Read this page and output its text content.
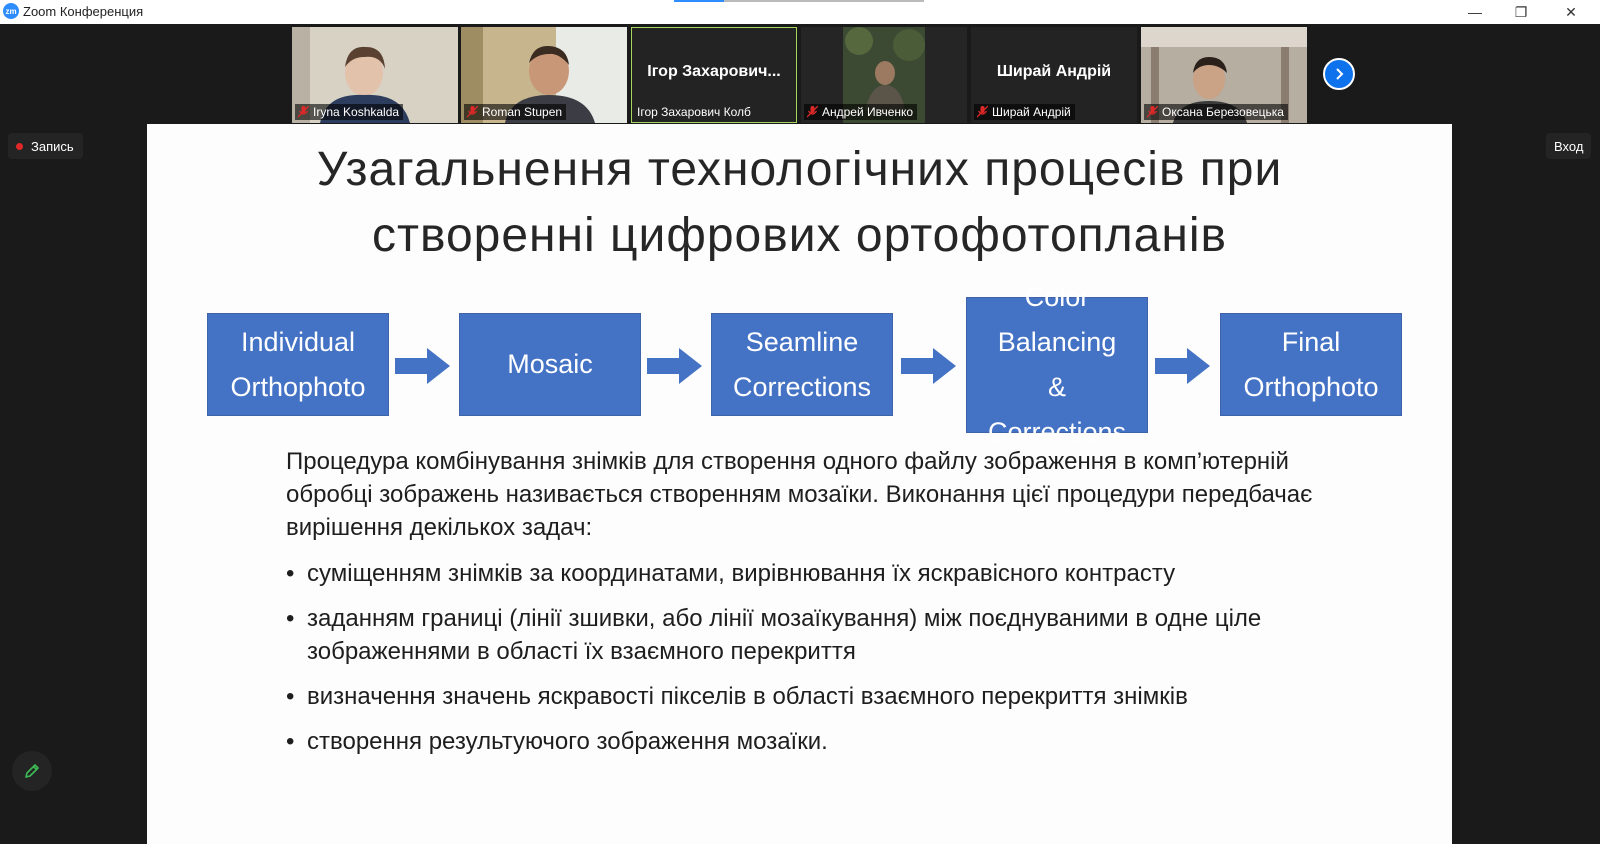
zm Zoom Конференция	— ❐	✕
Iryna Koshkalda	Roman Stupen
Ігор Захарович...
Ігор Захарович Колб	Андрей Ивченко
Ширай Андрій
Ширай Андрій	Оксана Березовецька
Запись	Вход
Узагальнення технологічних процесів при
створенні цифрових ортофотопланів
Individual
Orthophoto
Mosaic
Seamline
Corrections
Color Balancing
&
Corrections
Final
Orthophoto
Процедура комбінування знімків для створення одного файлу зображення в комп’ютерній обробці зображень називається створенням мозаїки. Виконання цієї процедури передбачає вирішення декількох задач:
• суміщенням знімків за координатами, вирівнювання їх яскравісного контрасту
• заданням границі (лінії зшивки, або лінії мозаїкування) між поєднуваними в одне ціле зображеннями в області їх взаємного перекриття
• визначення значень яскравості пікселів в області взаємного перекриття знімків
• створення результуючого зображення мозаїки.
